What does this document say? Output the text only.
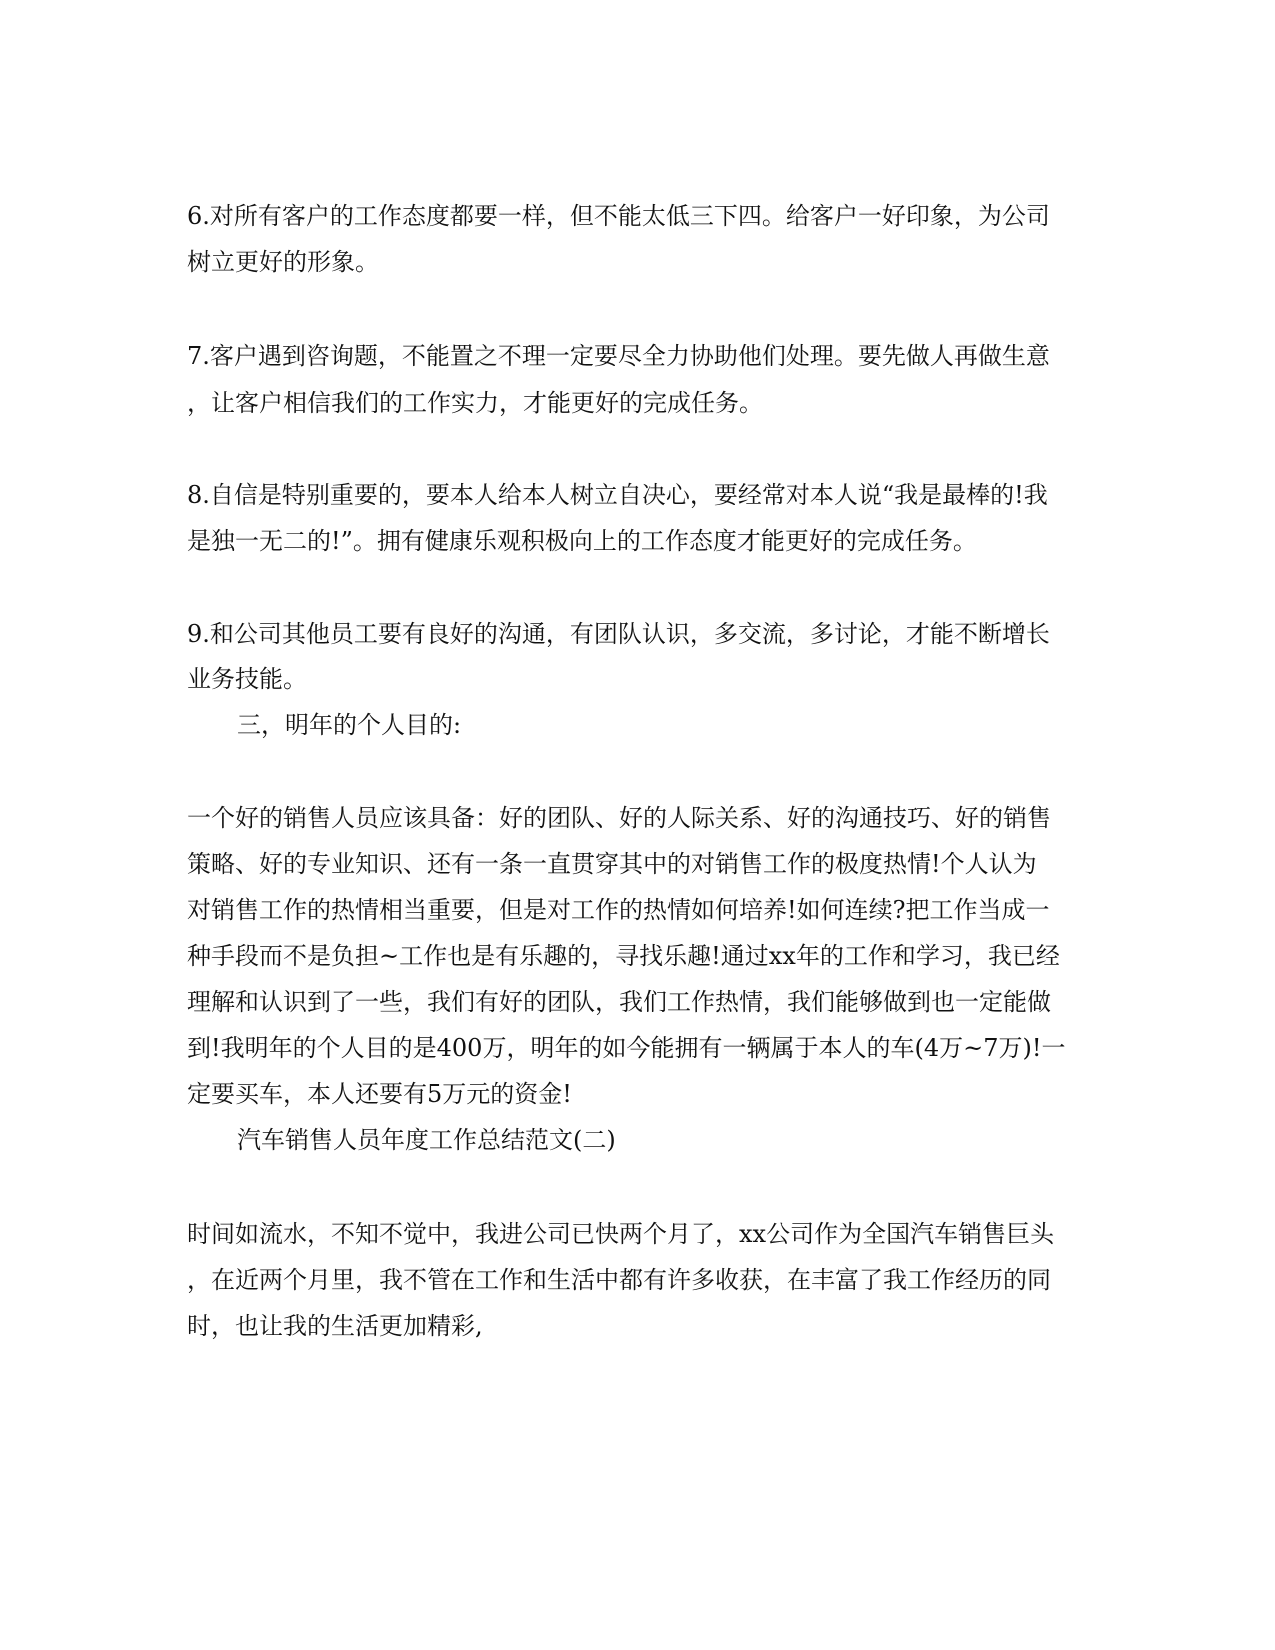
6.对所有客户的工作态度都要一样，但不能太低三下四。给客户一好印象，为公司
树立更好的形象。
7.客户遇到咨询题，不能置之不理一定要尽全力协助他们处理。要先做人再做生意
，让客户相信我们的工作实力，才能更好的完成任务。
8.自信是特别重要的，要本人给本人树立自决心，要经常对本人说“我是最棒的!我
是独一无二的!”。拥有健康乐观积极向上的工作态度才能更好的完成任务。
9.和公司其他员工要有良好的沟通，有团队认识，多交流，多讨论，才能不断增长
业务技能。
三，明年的个人目的:
一个好的销售人员应该具备：好的团队、好的人际关系、好的沟通技巧、好的销售
策略、好的专业知识、还有一条一直贯穿其中的对销售工作的极度热情!个人认为
对销售工作的热情相当重要，但是对工作的热情如何培养!如何连续?把工作当成一
种手段而不是负担~工作也是有乐趣的，寻找乐趣!通过xx年的工作和学习，我已经
理解和认识到了一些，我们有好的团队，我们工作热情，我们能够做到也一定能做
到!我明年的个人目的是400万，明年的如今能拥有一辆属于本人的车(4万~7万)!一
定要买车，本人还要有5万元的资金!
汽车销售人员年度工作总结范文(二)
时间如流水，不知不觉中，我进公司已快两个月了，xx公司作为全国汽车销售巨头
，在近两个月里，我不管在工作和生活中都有许多收获，在丰富了我工作经历的同
时，也让我的生活更加精彩,
